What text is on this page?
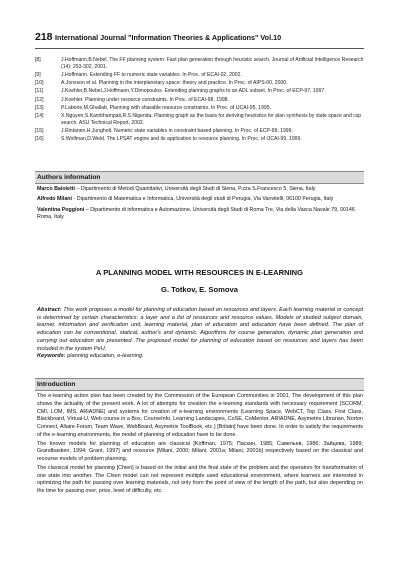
218 International Journal "Information Theories & Applications" Vol.10
[8]	J.Hoffmann,B.Nebel. The FF planning system: Fast plan generation through heuristic search. Journal of Artificial Intelligence Research (14): 253-302, 2001.
[9]	J.Hoffmann. Extending FF to numeric state variables. In Proc. of ECAI-02, 2002.
[10]	A.Jonsson et al. Planning in the interplanetary space: theory and practice. In Proc. of AIPS-00, 2000.
[11]	J.Koehler,B.Nebel,J.Hoffmann,Y.Dimopoulos. Extending planning graphs to an ADL subset. In Proc. of ECP-97, 1997.
[12]	J.Koehler. Planning under resource constraints. In Proc. of ECAI-98, 1998.
[13]	P.Laborie,M.Ghallab. Planning with sharable resource constraints. In Proc. of IJCAI-95, 1995.
[14]	X.Nguyen,S.Kambhampati,R.S.Nigenda. Planning graph as the basis for deriving heuristics for plan synthesis by state space and csp search. ASU Technical Report, 2002.
[15]	J.Rintanen,H.Jungholt. Numeric state variables in constraint based planning. In Proc. of ECP-99, 1999.
[16]	S.Wolfman,D.Weld. The LPSAT engine and its application to resource planning. In Proc. of IJCAI-99, 1999.
Authors information

Marco Baioletti – Dipartimento di Metodi Quantitativi, Università degli Studi di Siena, P.zza S.Francesco 5, Siena, Italy

Alfredo Milani - Dipartimento di Matematica e Informatica, Università degli studi di Perugia, Via Vanvitelli, 06100 Perugia, Italy

Valentina Poggioni – Dipartimento di informatica e Automazione, Università degli Studi di Roma Tre, Via della Vasca Navale 79, 00146 Roma, Italy

A PLANNING MODEL WITH RESOURCES IN E-LEARNING
G. Totkov, E. Somova

Abstract: This work proposes a model for planning of education based on resources and layers. Each learning material or concept is determined by certain characteristics: a layer and a list of resources and resource values. Models of studied subject domain, learner, information and verification unit, learning material, plan of education and education have been defined. The plan of education can be conventional, statical, author's and dynamic. Algorithms for course generation, dynamic plan generation and carrying out education are presented. The proposed model for planning of education based on resources and layers has been included in the system PeU.

Keywords: planning education, e-learning.

Introduction

The e-learning action plan has been created by the Commission of the European Communities in 2001. The development of this plan shows the actuality of the present work. A lot of attempts for creation the e-learning standards with necessary requirement (SCORM, CMI, LOM, IMS, ARIADNE) and systems for creation of e-learning environments (Learning Space, WebCT, Top Class, First Class, Blackboard, Virtual-U, Web course in a Box, CourseInfo, Learning Landscapes, CoSE, CoMentor, ARIADNE, Asymetrix Librarian, Norton Connect, Allaire Forum, Team Wave, WebBoard, Asymetrix ToolBook, etc.) [Britain] have been done. In order to satisfy the requirements of the e-learning environments, the model of planning of education have to be done.

The known models for planning of education are classical [Koffman, 1975; Пасхин, 1985; Савельев, 1986; Зайцева, 1989; Grandbastien, 1994; Grant, 1997] and resource [Milani, 2000; Milani, 2001a; Milani, 2001b] respectively based on the classical and recourse models of problem planning.

The classical model for planning [Chien] is based on the initial and the final state of the problem and the operators for transformation of one state into another. The Chien model can not represent multiple used educational environment, where learners are interested in optimizing the path for passing over learning materials, not only from the point of view of the length of the path, but also depending on the time for passing over, price, level of difficulty, etc.
